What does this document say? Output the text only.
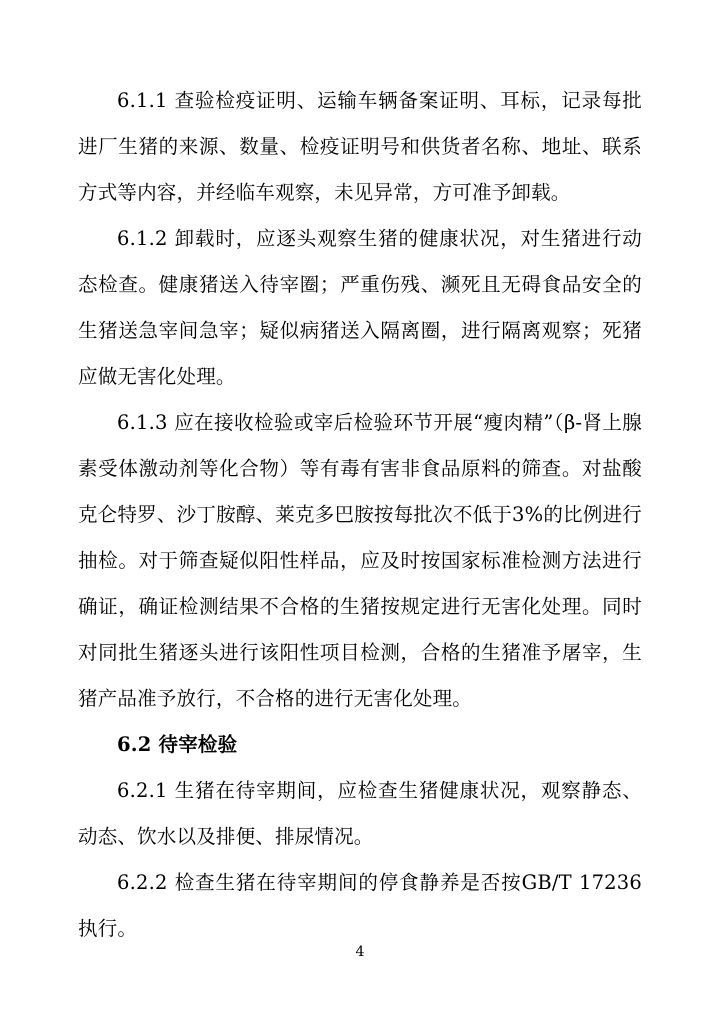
6.1.1 查验检疫证明、运输车辆备案证明、耳标，记录每批进厂生猪的来源、数量、检疫证明号和供货者名称、地址、联系方式等内容，并经临车观察，未见异常，方可准予卸载。

6.1.2 卸载时，应逐头观察生猪的健康状况，对生猪进行动态检查。健康猪送入待宰圈；严重伤残、濒死且无碍食品安全的生猪送急宰间急宰；疑似病猪送入隔离圈，进行隔离观察；死猪应做无害化处理。

6.1.3 应在接收检验或宰后检验环节开展“瘦肉精”（β-肾上腺素受体激动剂等化合物）等有毒有害非食品原料的筛查。对盐酸克仑特罗、沙丁胺醇、莱克多巴胺按每批次不低于3%的比例进行抽检。对于筛查疑似阳性样品，应及时按国家标准检测方法进行确证，确证检测结果不合格的生猪按规定进行无害化处理。同时对同批生猪逐头进行该阳性项目检测，合格的生猪准予屠宰，生猪产品准予放行，不合格的进行无害化处理。

6.2 待宰检验

6.2.1 生猪在待宰期间，应检查生猪健康状况，观察静态、动态、饮水以及排便、排尿情况。

6.2.2 检查生猪在待宰期间的停食静养是否按GB/T 17236执行。

4
